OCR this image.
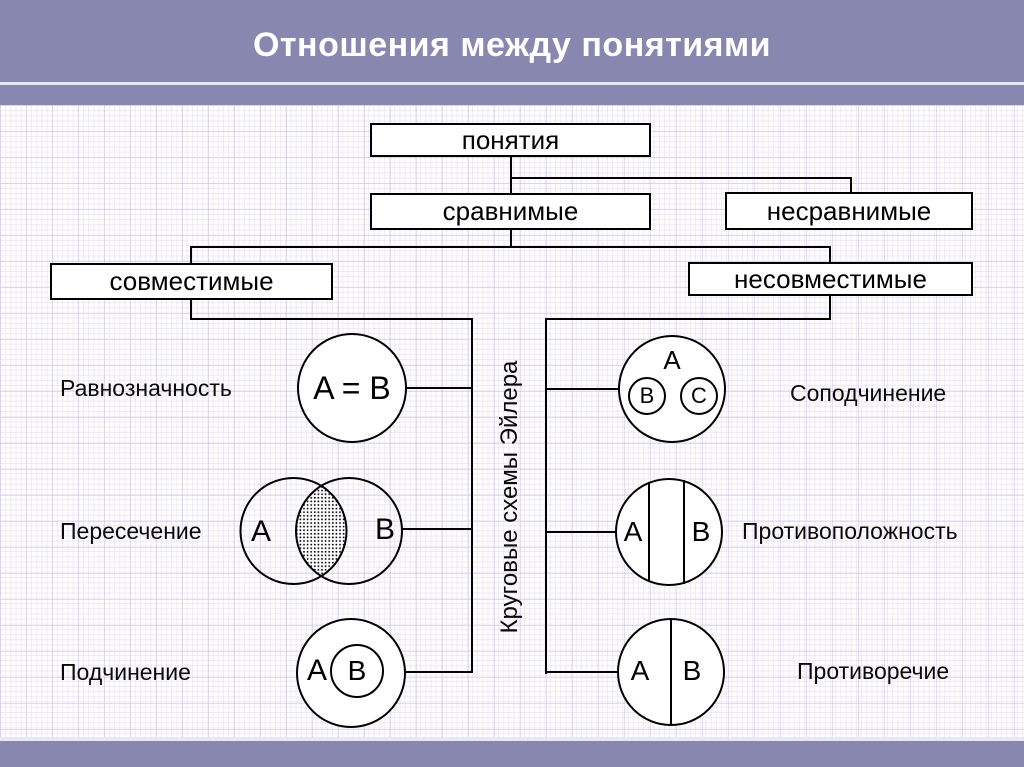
Отношения между понятиями
понятия
сравнимые	несравнимые
совместимые	несовместимые
Круговые схемы Эйлера
Равнозначность	A = B
Пересечение A	B
Подчинение	A B
Соподчинение
A
B C
Противоположность
A B
Противоречие
A B
